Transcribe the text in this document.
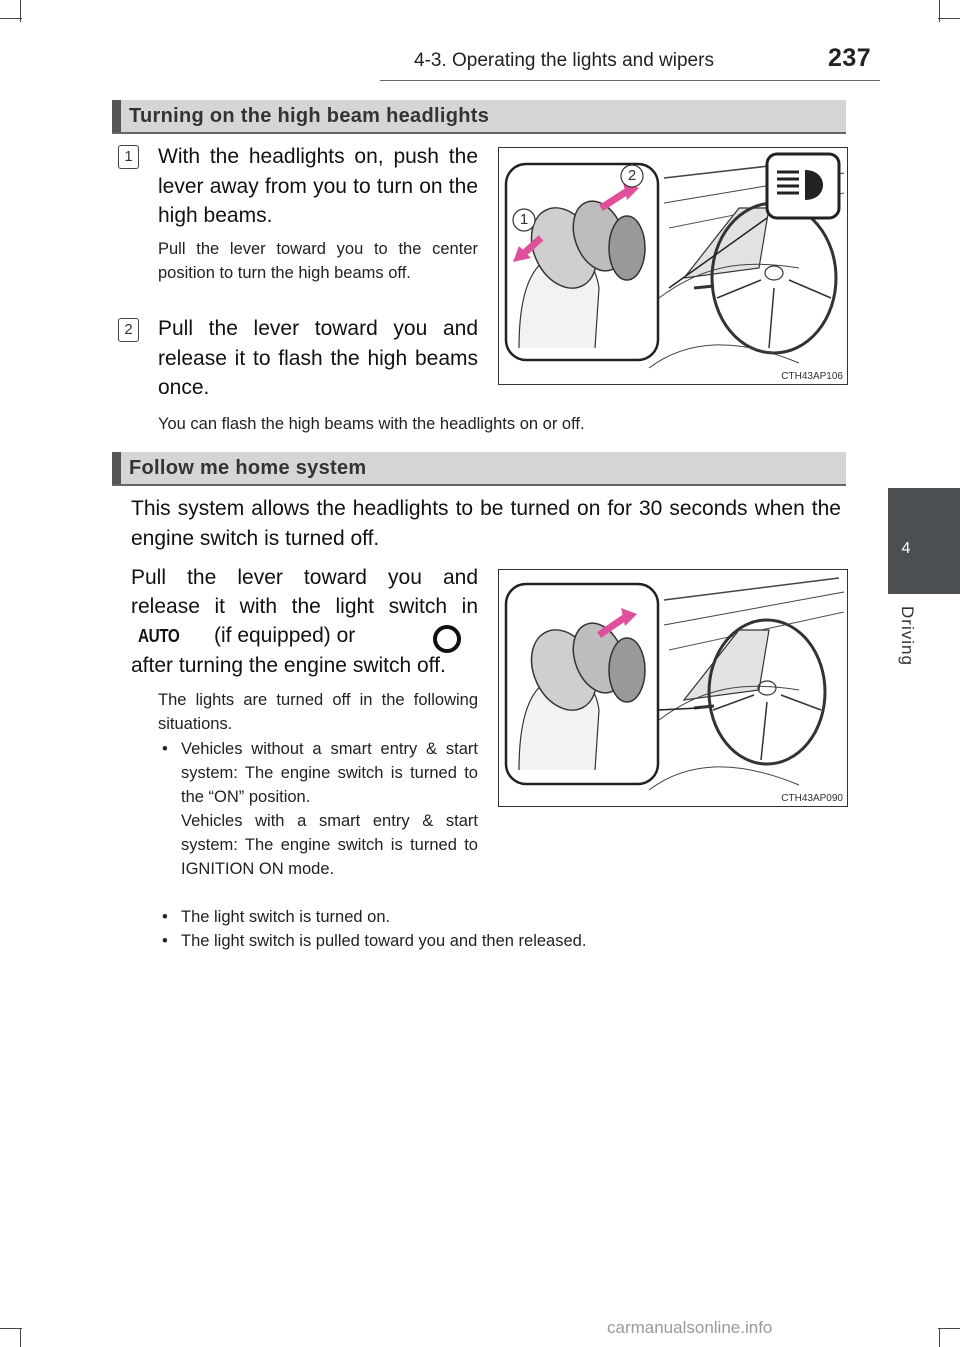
4-3. Operating the lights and wipers	237
4
Driving
Turning on the high beam headlights
1	With the headlights on, push the lever away from you to turn on the high beams.
Pull the lever toward you to the center position to turn the high beams off.
2	Pull the lever toward you and release it to flash the high beams once.
You can flash the high beams with the headlights on or off.
1
2
CTH43AP106
Follow me home system
This system allows the headlights to be turned on for 30 seconds when the engine switch is turned off.
Pull the lever toward you and
release it with the light switch in
AUTO (if equipped) or
after turning the engine switch off.
The lights are turned off in the following situations.
• Vehicles without a smart entry & start system: The engine switch is turned to the “ON” position.
Vehicles with a smart entry & start system: The engine switch is turned to IGNITION ON mode.
• The light switch is turned on.
• The light switch is pulled toward you and then released.
CTH43AP090
carmanualsonline.info
